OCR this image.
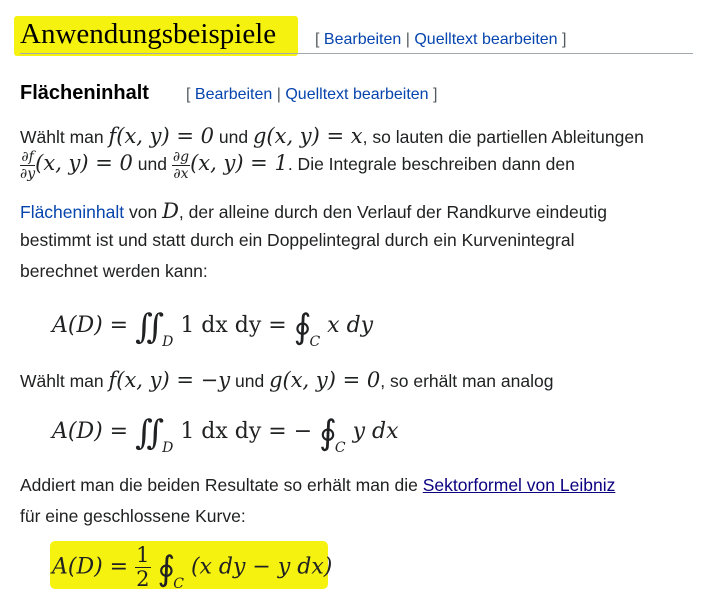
Anwendungsbeispiele [ Bearbeiten | Quelltext bearbeiten ]
Flächeninhalt [ Bearbeiten | Quelltext bearbeiten ]
Wählt man f(x, y) = 0 und g(x, y) = x, so lauten die partiellen Ableitungen
$\frac{\partial f}{\partial y} (x$, y) = 0 und $\frac{\partial g}{\partial x} (x$, y) = 1. Die Integrale beschreiben dann den
Flächeninhalt von D, der alleine durch den Verlauf der Randkurve eindeutig
bestimmt ist und statt durch ein Doppelintegral durch ein Kurvenintegral
berechnet werden kann:
$A(D) = ∬_D$ 1 dx dy = $∮_C$ x dy
Wählt man f(x, y) = −y und g(x, y) = 0, so erhält man analog
$A(D) = ∬_D$ 1 dx dy = − $∮_C$ y dx
Addiert man die beiden Resultate so erhält man die Sektorformel von Leibniz
für eine geschlossene Kurve:
$A(D) = \frac{1}{2}$ $∮_C$ (x dy − y dx)
